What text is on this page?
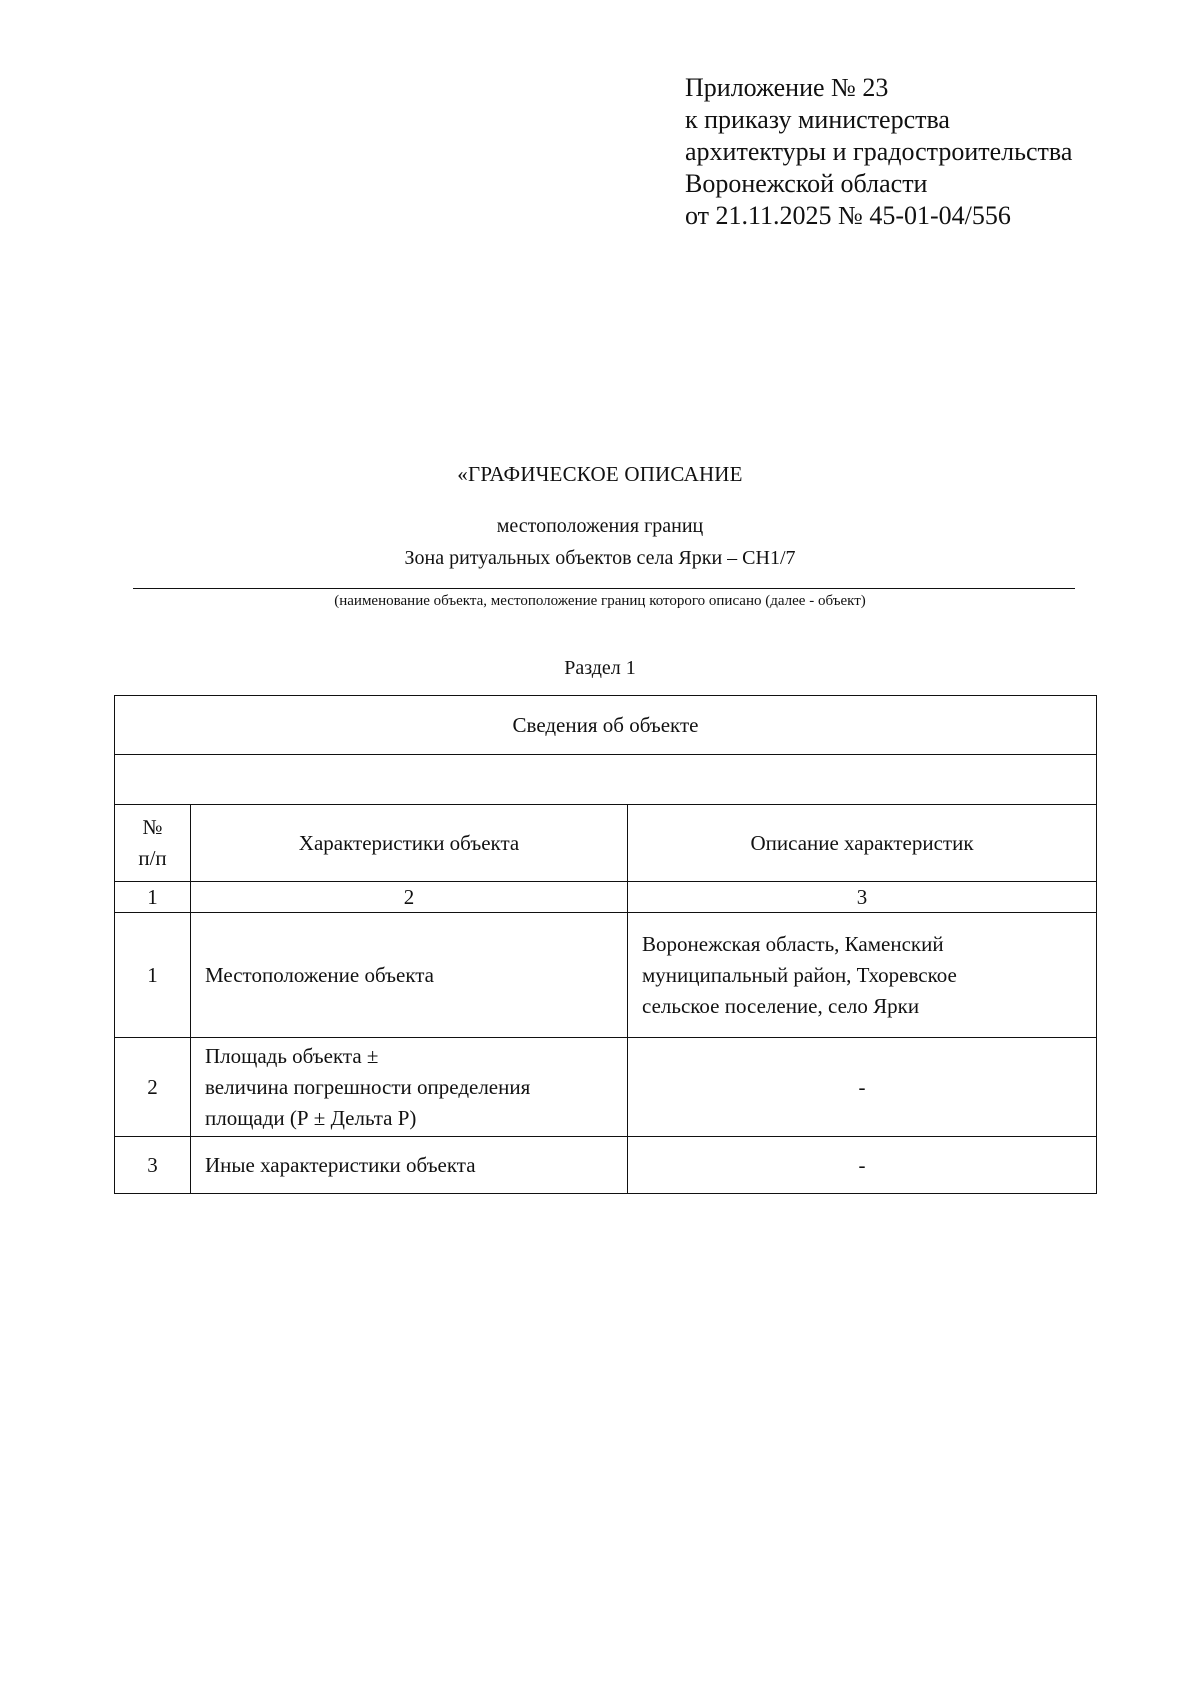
Приложение № 23
к приказу министерства
архитектуры и градостроительства
Воронежской области
от 21.11.2025 № 45-01-04/556
«ГРАФИЧЕСКОЕ ОПИСАНИЕ
местоположения границ
Зона ритуальных объектов села Ярки – СН1/7
(наименование объекта, местоположение границ которого описано (далее - объект)
Раздел 1
Сведения об объекте		

№
п/п	Характеристики объекта	Описание характеристик
1	2	3
1	Местоположение объекта	Воронежская область, Каменский
муниципальный район, Тхоревское
сельское поселение, село Ярки

2	Площадь объекта ±
величина погрешности определения
площади (Р ± Дельта Р)	-
3	Иные характеристики объекта	-
